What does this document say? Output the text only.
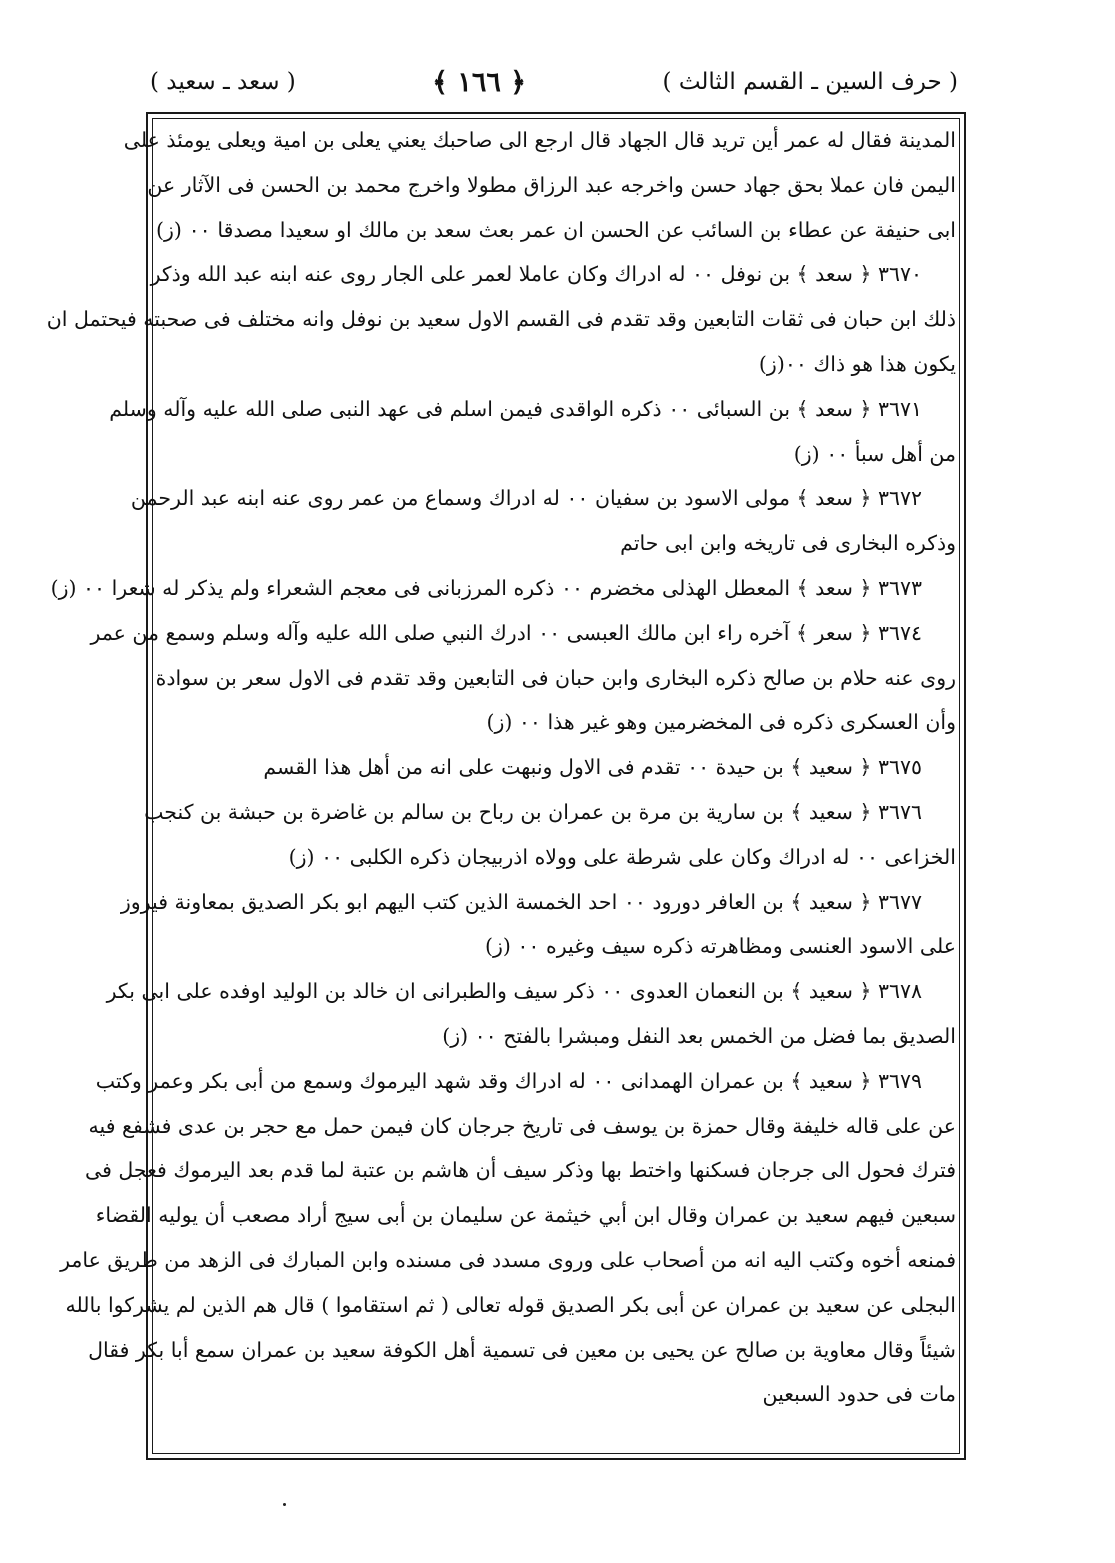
( حرف السين ـ القسم الثالث )
﴿ ١٦٦ ﴾
( سعد ـ سعيد )
المدينة فقال له عمر أين تريد قال الجهاد قال ارجع الى صاحبك يعني يعلى بن امية ويعلى يومئذ على
اليمن فان عملا بحق جهاد حسن واخرجه عبد الرزاق مطولا واخرج محمد بن الحسن فى الآثار عن
ابى حنيفة عن عطاء بن السائب عن الحسن ان عمر بعث سعد بن مالك او سعيدا مصدقا ٠٠ (ز)
٣٦٧٠ ﴿ سعد ﴾ بن نوفل ٠٠ له ادراك وكان عاملا لعمر على الجار روى عنه ابنه عبد الله وذكر
ذلك ابن حبان فى ثقات التابعين وقد تقدم فى القسم الاول سعيد بن نوفل وانه مختلف فى صحبته فيحتمل ان
يكون هذا هو ذاك ٠٠(ز)
٣٦٧١ ﴿ سعد ﴾ بن السبائى ٠٠ ذكره الواقدى فيمن اسلم فى عهد النبى صلى الله عليه وآله وسلم
من أهل سبأ ٠٠ (ز)
٣٦٧٢ ﴿ سعد ﴾ مولى الاسود بن سفيان ٠٠ له ادراك وسماع من عمر روى عنه ابنه عبد الرحمن
وذكره البخارى فى تاريخه وابن ابى حاتم
٣٦٧٣ ﴿ سعد ﴾ المعطل الهذلى مخضرم ٠٠ ذكره المرزبانى فى معجم الشعراء ولم يذكر له شعرا ٠٠ (ز)
٣٦٧٤ ﴿ سعر ﴾ آخره راء ابن مالك العبسى ٠٠ ادرك النبي صلى الله عليه وآله وسلم وسمع من عمر
روى عنه حلام بن صالح ذكره البخارى وابن حبان فى التابعين وقد تقدم فى الاول سعر بن سوادة
وأن العسكرى ذكره فى المخضرمين وهو غير هذا ٠٠ (ز)
٣٦٧٥ ﴿ سعيد ﴾ بن حيدة ٠٠ تقدم فى الاول ونبهت على انه من أهل هذا القسم
٣٦٧٦ ﴿ سعيد ﴾ بن سارية بن مرة بن عمران بن رباح بن سالم بن غاضرة بن حبشة بن كنجب
الخزاعى ٠٠ له ادراك وكان على شرطة على وولاه اذربيجان ذكره الكلبى ٠٠ (ز)
٣٦٧٧ ﴿ سعيد ﴾ بن العافر دورود ٠٠ احد الخمسة الذين كتب اليهم ابو بكر الصديق بمعاونة فيروز
على الاسود العنسى ومظاهرته ذكره سيف وغيره ٠٠ (ز)
٣٦٧٨ ﴿ سعيد ﴾ بن النعمان العدوى ٠٠ ذكر سيف والطبرانى ان خالد بن الوليد اوفده على ابى بكر
الصديق بما فضل من الخمس بعد النفل ومبشرا بالفتح ٠٠ (ز)
٣٦٧٩ ﴿ سعيد ﴾ بن عمران الهمدانى ٠٠ له ادراك وقد شهد اليرموك وسمع من أبى بكر وعمر وكتب
عن على قاله خليفة وقال حمزة بن يوسف فى تاريخ جرجان كان فيمن حمل مع حجر بن عدى فشفع فيه
فترك فحول الى جرجان فسكنها واختط بها وذكر سيف أن هاشم بن عتبة لما قدم بعد اليرموك فعجل فى
سبعين فيهم سعيد بن عمران وقال ابن أبي خيثمة عن سليمان بن أبى سيج أراد مصعب أن يوليه القضاء
فمنعه أخوه وكتب اليه انه من أصحاب على وروى مسدد فى مسنده وابن المبارك فى الزهد من طريق عامر
البجلى عن سعيد بن عمران عن أبى بكر الصديق قوله تعالى ( ثم استقاموا ) قال هم الذين لم يشركوا بالله
شيئاً وقال معاوية بن صالح عن يحيى بن معين فى تسمية أهل الكوفة سعيد بن عمران سمع أبا بكر فقال
مات فى حدود السبعين
